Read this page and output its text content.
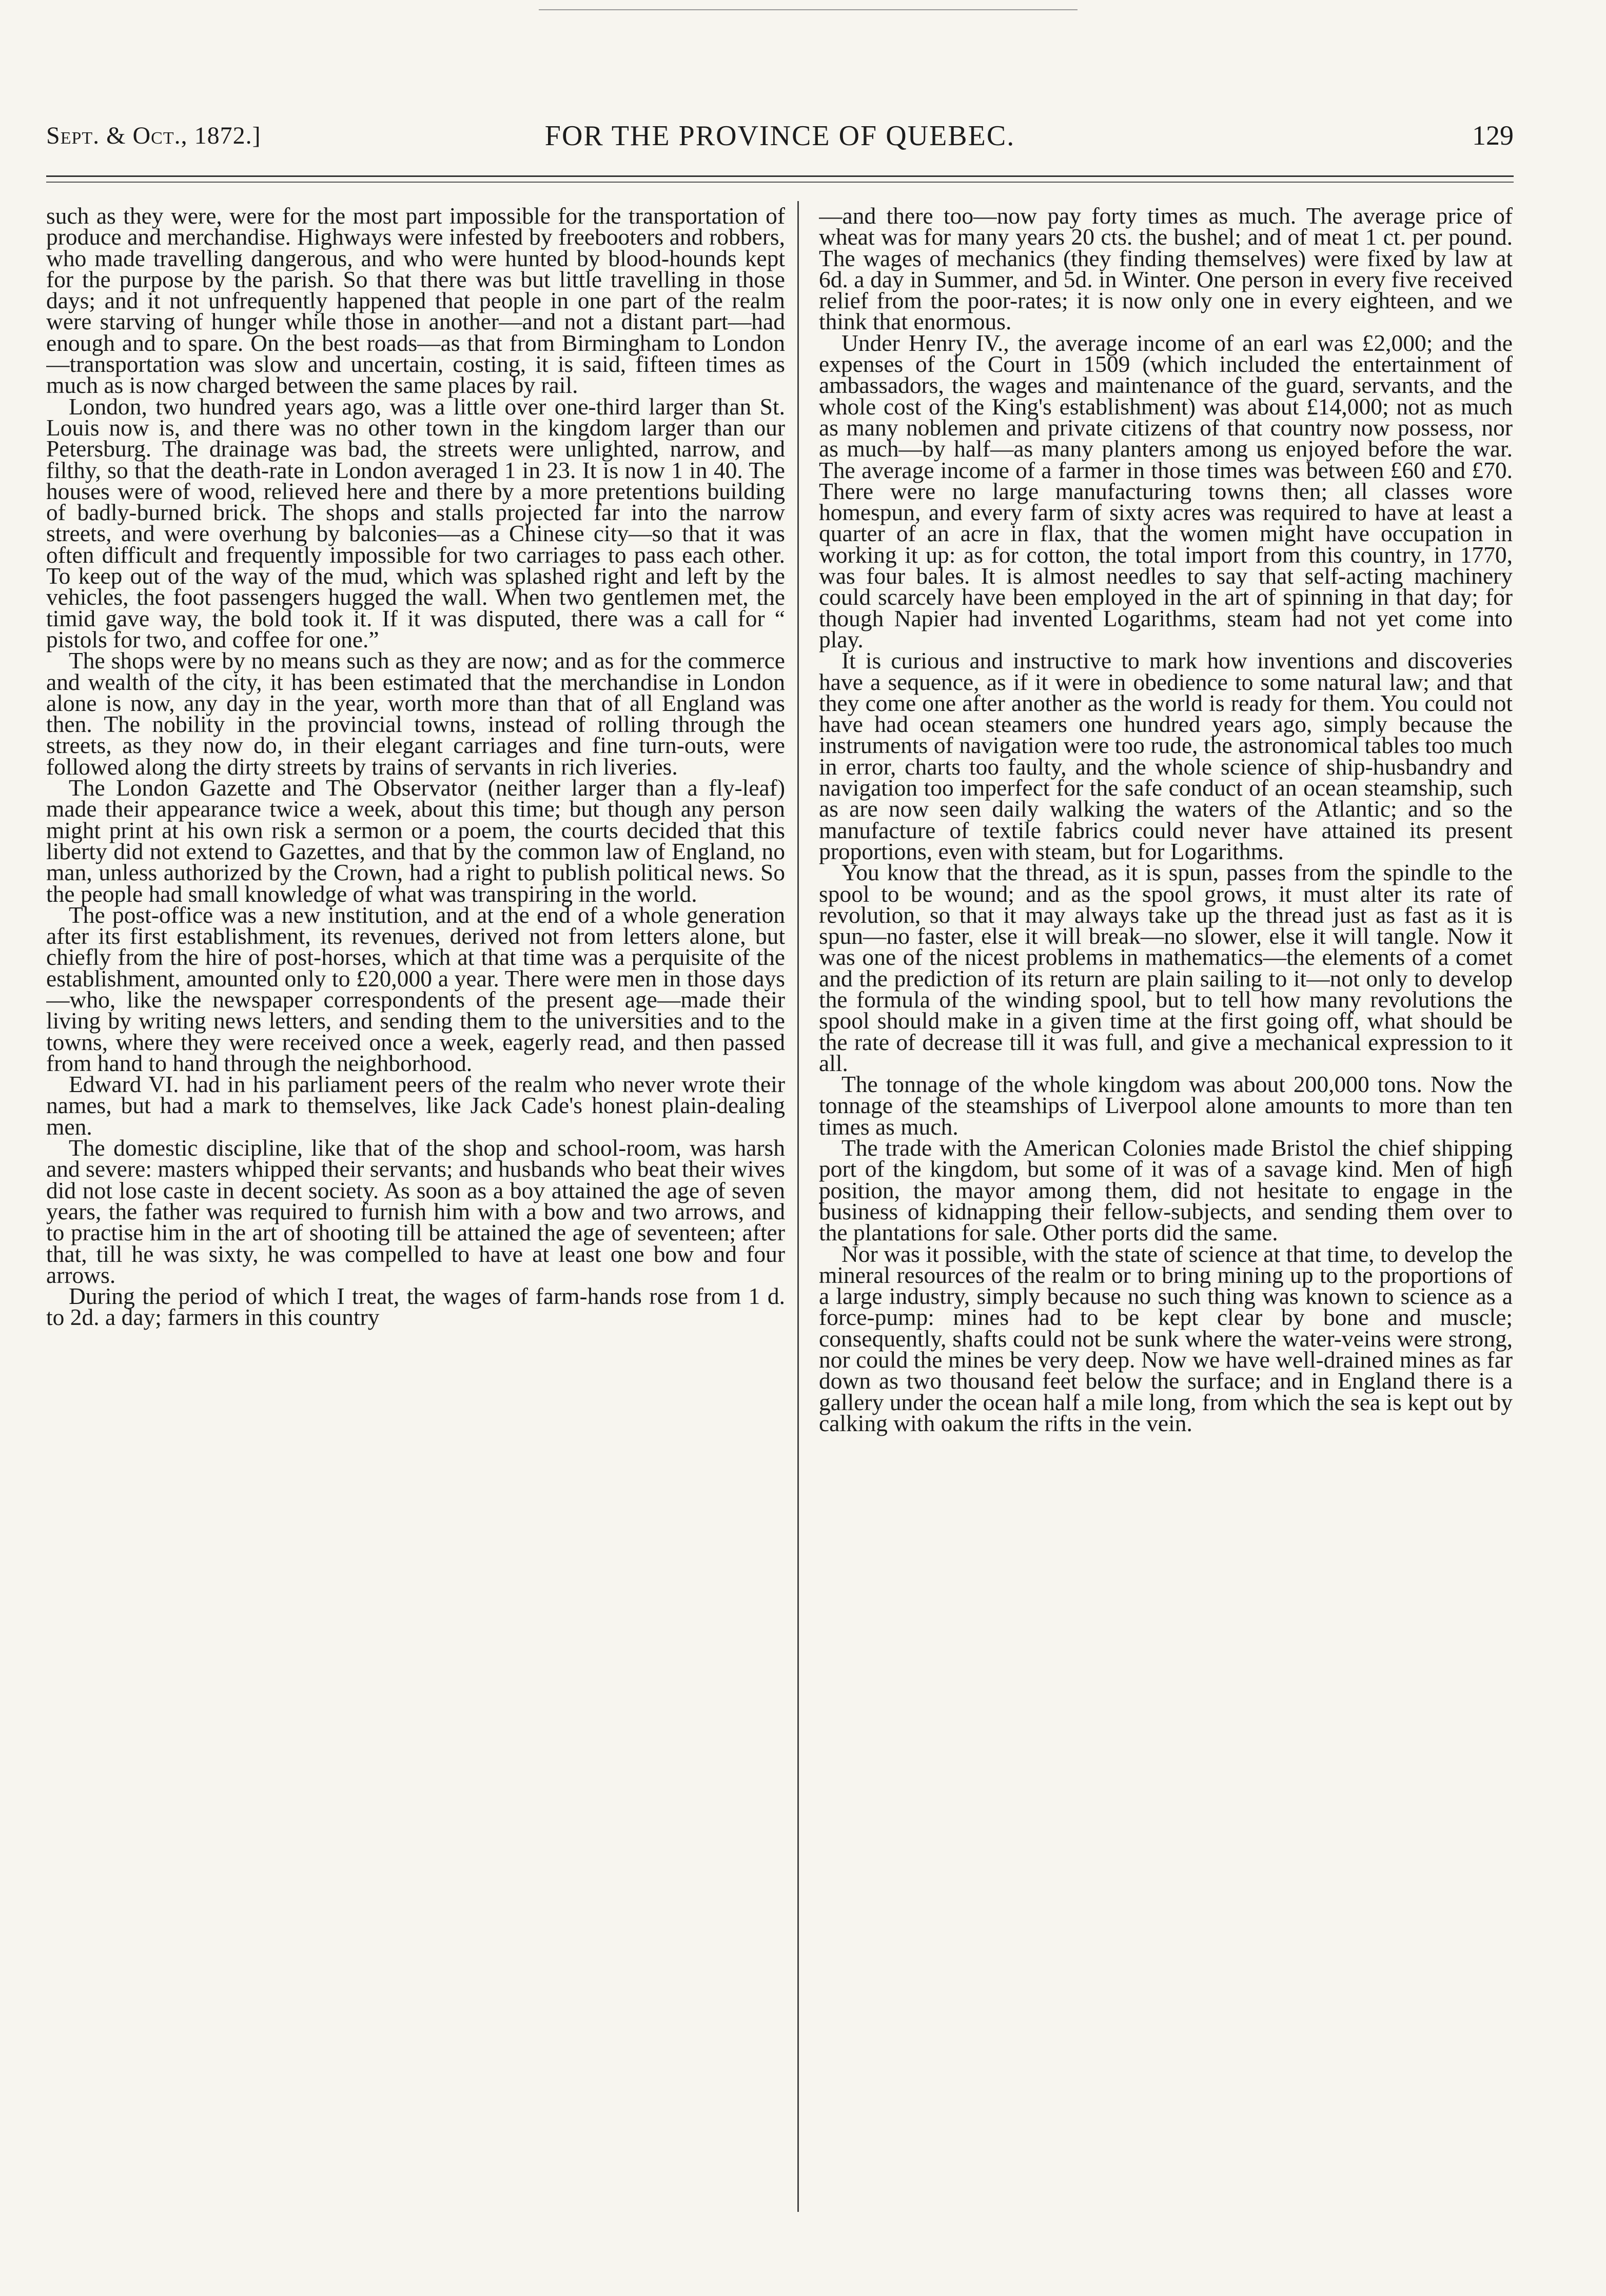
Sept. & Oct., 1872.]	FOR THE PROVINCE OF QUEBEC.	129

such as they were, were for the most part impossible for the transportation of produce and merchandise. Highways were infested by freebooters and robbers, who made travelling dangerous, and who were hunted by blood-hounds kept for the purpose by the parish. So that there was but little travelling in those days; and it not unfrequently happened that people in one part of the realm were starving of hunger while those in another—and not a distant part—had enough and to spare. On the best roads—as that from Birmingham to London—transportation was slow and uncertain, costing, it is said, fifteen times as much as is now charged between the same places by rail.

London, two hundred years ago, was a little over one-third larger than St. Louis now is, and there was no other town in the kingdom larger than our Petersburg. The drainage was bad, the streets were unlighted, narrow, and filthy, so that the death-rate in London averaged 1 in 23. It is now 1 in 40. The houses were of wood, relieved here and there by a more pretentions building of badly-burned brick. The shops and stalls projected far into the narrow streets, and were overhung by balconies—as a Chinese city—so that it was often difficult and frequently impossible for two carriages to pass each other. To keep out of the way of the mud, which was splashed right and left by the vehicles, the foot passengers hugged the wall. When two gentlemen met, the timid gave way, the bold took it. If it was disputed, there was a call for “ pistols for two, and coffee for one.”

The shops were by no means such as they are now; and as for the commerce and wealth of the city, it has been estimated that the merchandise in London alone is now, any day in the year, worth more than that of all England was then. The nobility in the provincial towns, instead of rolling through the streets, as they now do, in their elegant carriages and fine turn-outs, were followed along the dirty streets by trains of servants in rich liveries.

The London Gazette and The Observator (neither larger than a fly-leaf) made their appearance twice a week, about this time; but though any person might print at his own risk a sermon or a poem, the courts decided that this liberty did not extend to Gazettes, and that by the common law of England, no man, unless authorized by the Crown, had a right to publish political news. So the people had small knowledge of what was transpiring in the world.

The post-office was a new institution, and at the end of a whole generation after its first establishment, its revenues, derived not from letters alone, but chiefly from the hire of post-horses, which at that time was a perquisite of the establishment, amounted only to £20,000 a year. There were men in those days—who, like the newspaper correspondents of the present age—made their living by writing news letters, and sending them to the universities and to the towns, where they were received once a week, eagerly read, and then passed from hand to hand through the neighborhood.

Edward VI. had in his parliament peers of the realm who never wrote their names, but had a mark to themselves, like Jack Cade's honest plain-dealing men.

The domestic discipline, like that of the shop and school-room, was harsh and severe: masters whipped their servants; and husbands who beat their wives did not lose caste in decent society. As soon as a boy attained the age of seven years, the father was required to furnish him with a bow and two arrows, and to practise him in the art of shooting till be attained the age of seventeen; after that, till he was sixty, he was compelled to have at least one bow and four arrows.

During the period of which I treat, the wages of farm-hands rose from 1 d. to 2d. a day; farmers in this country

—and there too—now pay forty times as much. The average price of wheat was for many years 20 cts. the bushel; and of meat 1 ct. per pound. The wages of mechanics (they finding themselves) were fixed by law at 6d. a day in Summer, and 5d. in Winter. One person in every five received relief from the poor-rates; it is now only one in every eighteen, and we think that enormous.

Under Henry IV., the average income of an earl was £2,000; and the expenses of the Court in 1509 (which included the entertainment of ambassadors, the wages and maintenance of the guard, servants, and the whole cost of the King's establishment) was about £14,000; not as much as many noblemen and private citizens of that country now possess, nor as much—by half—as many planters among us enjoyed before the war. The average income of a farmer in those times was between £60 and £70. There were no large manufacturing towns then; all classes wore homespun, and every farm of sixty acres was required to have at least a quarter of an acre in flax, that the women might have occupation in working it up: as for cotton, the total import from this country, in 1770, was four bales. It is almost needles to say that self-acting machinery could scarcely have been employed in the art of spinning in that day; for though Napier had invented Logarithms, steam had not yet come into play.

It is curious and instructive to mark how inventions and discoveries have a sequence, as if it were in obedience to some natural law; and that they come one after another as the world is ready for them. You could not have had ocean steamers one hundred years ago, simply because the instruments of navigation were too rude, the astronomical tables too much in error, charts too faulty, and the whole science of ship-husbandry and navigation too imperfect for the safe conduct of an ocean steamship, such as are now seen daily walking the waters of the Atlantic; and so the manufacture of textile fabrics could never have attained its present proportions, even with steam, but for Logarithms.

You know that the thread, as it is spun, passes from the spindle to the spool to be wound; and as the spool grows, it must alter its rate of revolution, so that it may always take up the thread just as fast as it is spun—no faster, else it will break—no slower, else it will tangle. Now it was one of the nicest problems in mathematics—the elements of a comet and the prediction of its return are plain sailing to it—not only to develop the formula of the winding spool, but to tell how many revolutions the spool should make in a given time at the first going off, what should be the rate of decrease till it was full, and give a mechanical expression to it all.

The tonnage of the whole kingdom was about 200,000 tons. Now the tonnage of the steamships of Liverpool alone amounts to more than ten times as much.

The trade with the American Colonies made Bristol the chief shipping port of the kingdom, but some of it was of a savage kind. Men of high position, the mayor among them, did not hesitate to engage in the business of kidnapping their fellow-subjects, and sending them over to the plantations for sale. Other ports did the same.

Nor was it possible, with the state of science at that time, to develop the mineral resources of the realm or to bring mining up to the proportions of a large industry, simply because no such thing was known to science as a force-pump: mines had to be kept clear by bone and muscle; consequently, shafts could not be sunk where the water-veins were strong, nor could the mines be very deep. Now we have well-drained mines as far down as two thousand feet below the surface; and in England there is a gallery under the ocean half a mile long, from which the sea is kept out by calking with oakum the rifts in the vein.
